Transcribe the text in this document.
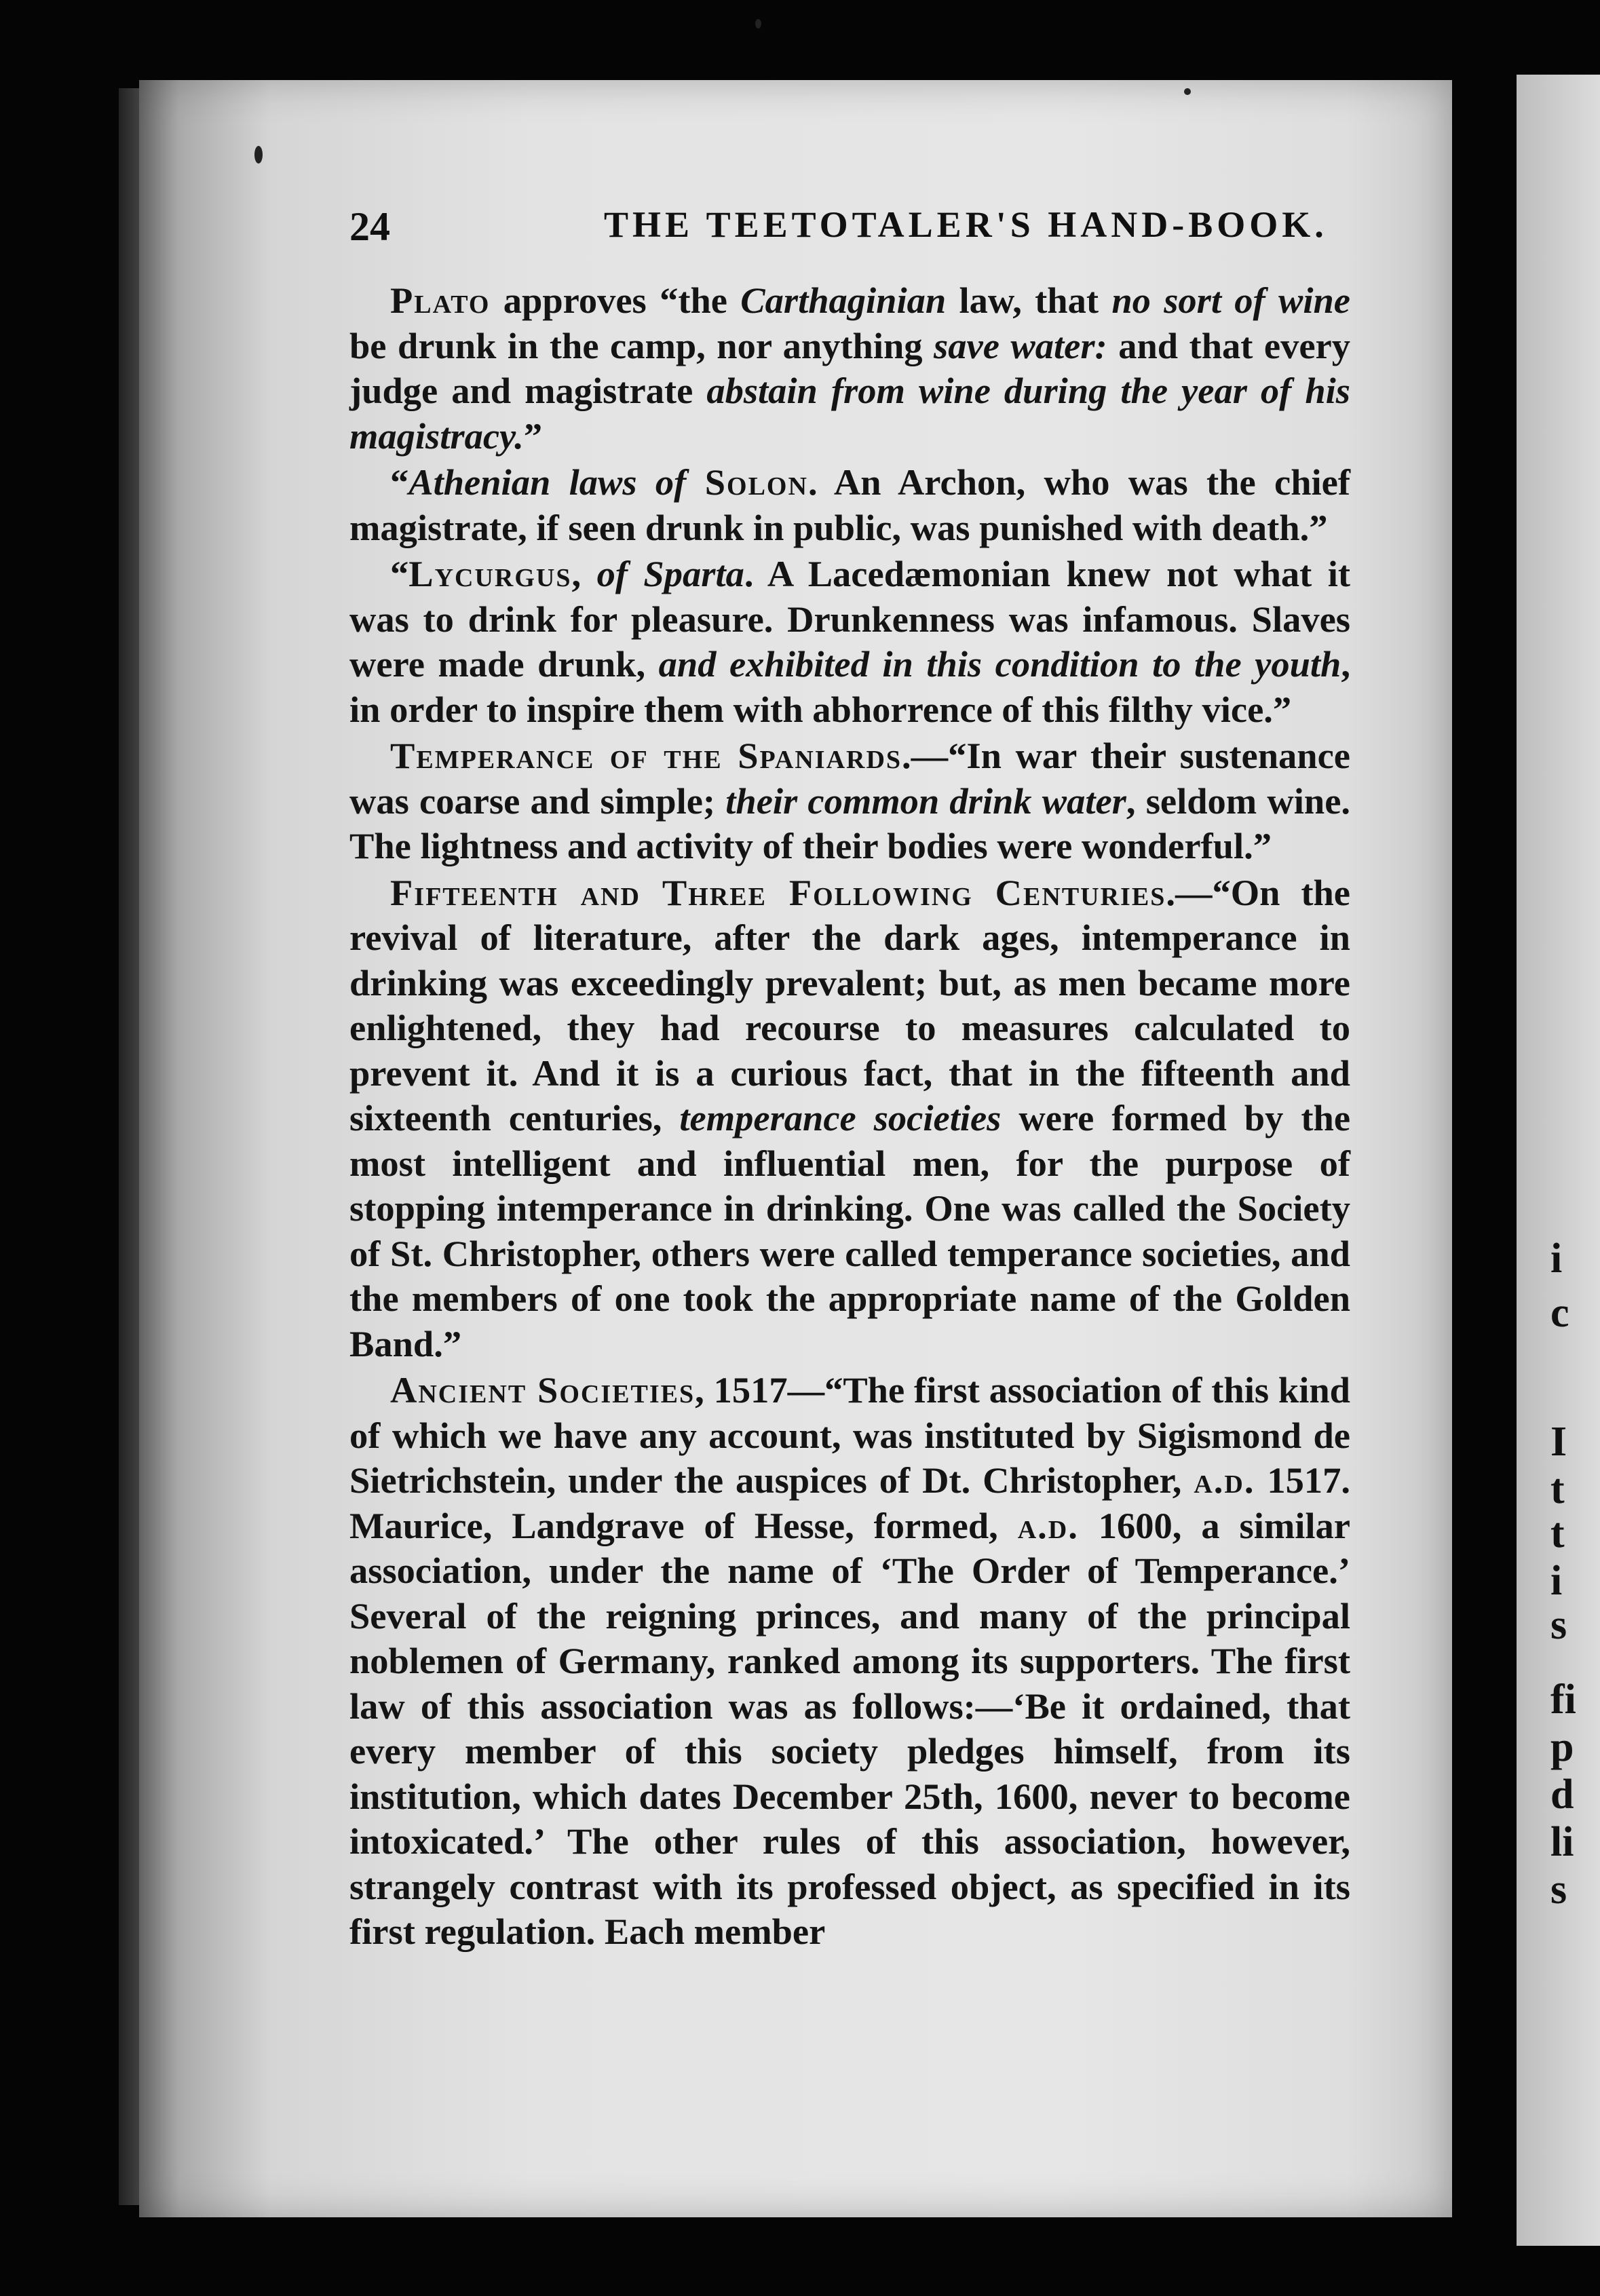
i
c
I
t
t
i
s
fi
p
d
li
s
24	THE TEETOTALER'S HAND-BOOK.

Plato approves “the Carthaginian law, that no sort of wine be drunk in the camp, nor anything save water: and that every judge and magistrate abstain from wine during the year of his magistracy.”

“Athenian laws of Solon. An Archon, who was the chief magistrate, if seen drunk in public, was punished with death.”

“Lycurgus, of Sparta. A Lacedæmonian knew not what it was to drink for pleasure. Drunkenness was infamous. Slaves were made drunk, and exhibited in this condition to the youth, in order to inspire them with abhorrence of this filthy vice.”

Temperance of the Spaniards.—“In war their sustenance was coarse and simple; their common drink water, seldom wine. The lightness and activity of their bodies were wonderful.”

Fifteenth and Three Following Centuries.—“On the revival of literature, after the dark ages, intemperance in drinking was exceedingly prevalent; but, as men became more enlightened, they had recourse to measures calculated to prevent it. And it is a curious fact, that in the fifteenth and sixteenth centuries, temperance societies were formed by the most intelligent and influential men, for the purpose of stopping intemperance in drinking. One was called the Society of St. Christopher, others were called temperance societies, and the members of one took the appropriate name of the Golden Band.”

Ancient Societies, 1517—“The first association of this kind of which we have any account, was instituted by Sigismond de Sietrichstein, under the auspices of Dt. Christopher, a.d. 1517. Maurice, Landgrave of Hesse, formed, a.d. 1600, a similar association, under the name of ‘The Order of Temperance.’ Several of the reigning princes, and many of the principal noblemen of Germany, ranked among its supporters. The first law of this association was as follows:—‘Be it ordained, that every member of this society pledges himself, from its institution, which dates December 25th, 1600, never to become intoxicated.’ The other rules of this association, however, strangely contrast with its professed object, as specified in its first regulation. Each member
